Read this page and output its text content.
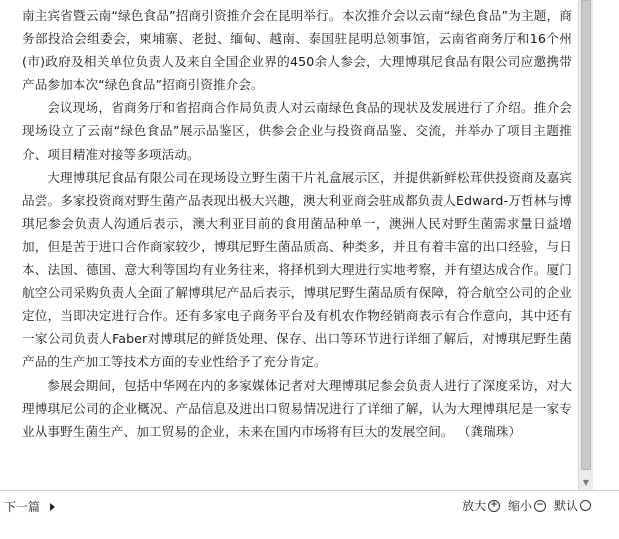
南主宾省暨云南“绿色食品”招商引资推介会在昆明举行。本次推介会以云南“绿色食品”为主题，商务部投洽会组委会，柬埔寨、老挝、缅甸、越南、泰国驻昆明总领事馆，云南省商务厅和16个州(市)政府及相关单位负责人及来自全国企业界的450余人参会，大理博琪尼食品有限公司应邀携带产品参加本次“绿色食品”招商引资推介会。

会议现场，省商务厅和省招商合作局负责人对云南绿色食品的现状及发展进行了介绍。推介会现场设立了云南“绿色食品”展示品鉴区，供参会企业与投资商品鉴、交流，并举办了项目主题推介、项目精准对接等多项活动。

大理博琪尼食品有限公司在现场设立野生菌干片礼盒展示区，并提供新鲜松茸供投资商及嘉宾品尝。多家投资商对野生菌产品表现出极大兴趣，澳大利亚商会驻成都负责人Edward-万哲林与博琪尼参会负责人沟通后表示，澳大利亚目前的食用菌品种单一，澳洲人民对野生菌需求量日益增加，但是苦于进口合作商家较少，博琪尼野生菌品质高、种类多，并且有着丰富的出口经验，与日本、法国、德国、意大利等国均有业务往来，将择机到大理进行实地考察，并有望达成合作。厦门航空公司采购负责人全面了解博琪尼产品后表示，博琪尼野生菌品质有保障，符合航空公司的企业定位，当即决定进行合作。还有多家电子商务平台及有机农作物经销商表示有合作意向，其中还有一家公司负责人Faber对博琪尼的鲜货处理、保存、出口等环节进行详细了解后，对博琪尼野生菌产品的生产加工等技术方面的专业性给予了充分肯定。

参展会期间，包括中华网在内的多家媒体记者对大理博琪尼参会负责人进行了深度采访，对大理博琪尼公司的企业概况、产品信息及进出口贸易情况进行了详细了解，认为大理博琪尼是一家专业从事野生菌生产、加工贸易的企业，未来在国内市场将有巨大的发展空间。 （龚瑞珠）

▼
下一篇	放大 + 缩小 − 默认
